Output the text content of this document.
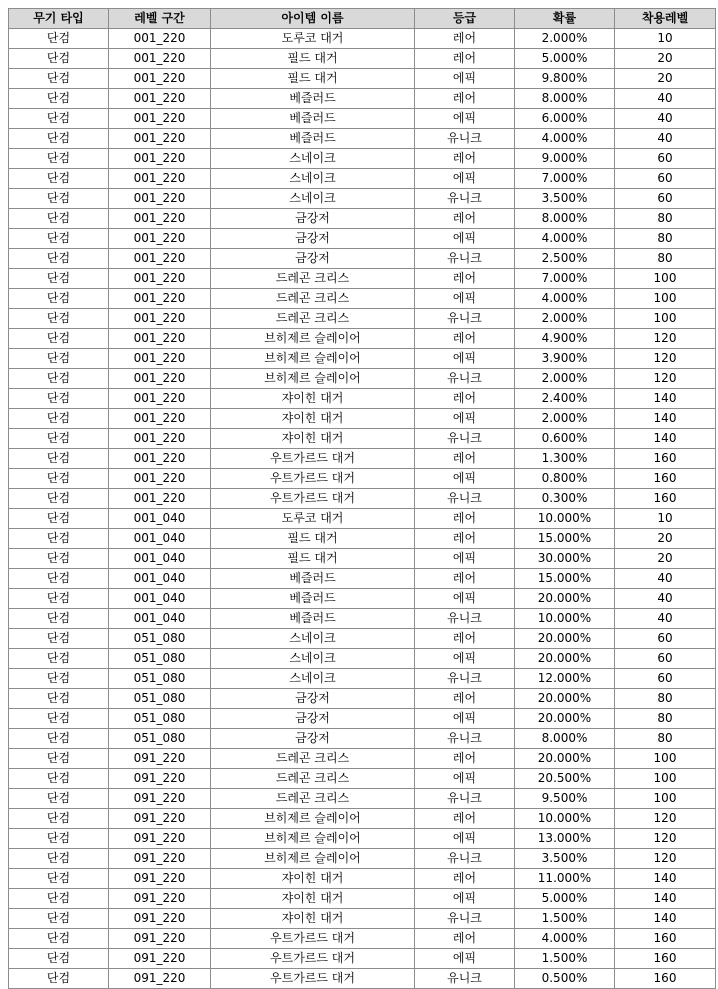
무기 타입	레벨 구간	아이템 이름	등급	확률	착용레벨
단검	001_220	도루코 대거	레어	2.000%	10
단검	001_220	필드 대거	레어	5.000%	20
단검	001_220	필드 대거	에픽	9.800%	20
단검	001_220	베즐러드	레어	8.000%	40
단검	001_220	베즐러드	에픽	6.000%	40
단검	001_220	베즐러드	유니크	4.000%	40
단검	001_220	스네이크	레어	9.000%	60
단검	001_220	스네이크	에픽	7.000%	60
단검	001_220	스네이크	유니크	3.500%	60
단검	001_220	금강저	레어	8.000%	80
단검	001_220	금강저	에픽	4.000%	80
단검	001_220	금강저	유니크	2.500%	80
단검	001_220	드레곤 크리스	레어	7.000%	100
단검	001_220	드레곤 크리스	에픽	4.000%	100
단검	001_220	드레곤 크리스	유니크	2.000%	100
단검	001_220	브히제르 슬레이어	레어	4.900%	120
단검	001_220	브히제르 슬레이어	에픽	3.900%	120
단검	001_220	브히제르 슬레이어	유니크	2.000%	120
단검	001_220	쟈이힌 대거	레어	2.400%	140
단검	001_220	쟈이힌 대거	에픽	2.000%	140
단검	001_220	쟈이힌 대거	유니크	0.600%	140
단검	001_220	우트가르드 대거	레어	1.300%	160
단검	001_220	우트가르드 대거	에픽	0.800%	160
단검	001_220	우트가르드 대거	유니크	0.300%	160
단검	001_040	도루코 대거	레어	10.000%	10
단검	001_040	필드 대거	레어	15.000%	20
단검	001_040	필드 대거	에픽	30.000%	20
단검	001_040	베즐러드	레어	15.000%	40
단검	001_040	베즐러드	에픽	20.000%	40
단검	001_040	베즐러드	유니크	10.000%	40
단검	051_080	스네이크	레어	20.000%	60
단검	051_080	스네이크	에픽	20.000%	60
단검	051_080	스네이크	유니크	12.000%	60
단검	051_080	금강저	레어	20.000%	80
단검	051_080	금강저	에픽	20.000%	80
단검	051_080	금강저	유니크	8.000%	80
단검	091_220	드레곤 크리스	레어	20.000%	100
단검	091_220	드레곤 크리스	에픽	20.500%	100
단검	091_220	드레곤 크리스	유니크	9.500%	100
단검	091_220	브히제르 슬레이어	레어	10.000%	120
단검	091_220	브히제르 슬레이어	에픽	13.000%	120
단검	091_220	브히제르 슬레이어	유니크	3.500%	120
단검	091_220	쟈이힌 대거	레어	11.000%	140
단검	091_220	쟈이힌 대거	에픽	5.000%	140
단검	091_220	쟈이힌 대거	유니크	1.500%	140
단검	091_220	우트가르드 대거	레어	4.000%	160
단검	091_220	우트가르드 대거	에픽	1.500%	160
단검	091_220	우트가르드 대거	유니크	0.500%	160
